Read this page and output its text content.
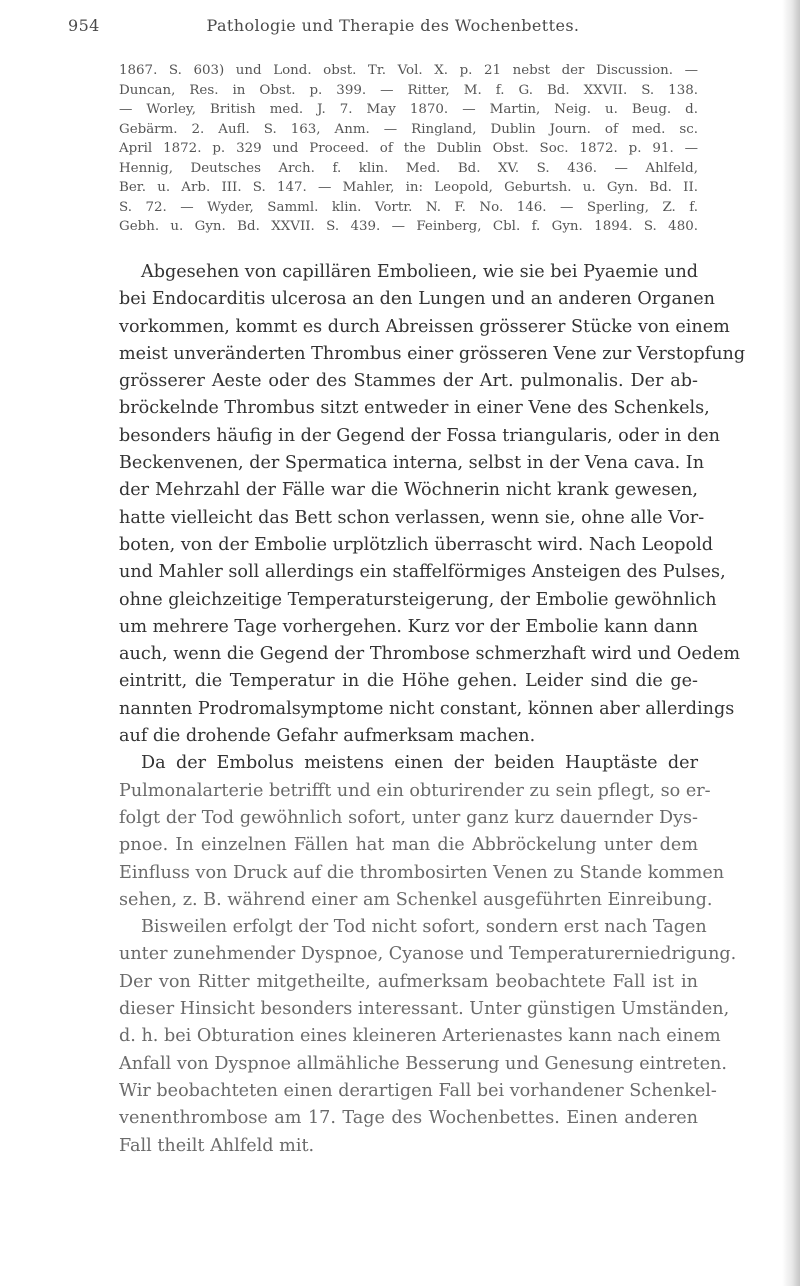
954	Pathologie und Therapie des Wochenbettes.
1867. S. 603) und Lond. obst. Tr. Vol. X. p. 21 nebst der Discussion. —
Duncan, Res. in Obst. p. 399. — Ritter, M. f. G. Bd. XXVII. S. 138.
— Worley, British med. J. 7. May 1870. — Martin, Neig. u. Beug. d.
Gebärm. 2. Aufl. S. 163, Anm. — Ringland, Dublin Journ. of med. sc.
April 1872. p. 329 und Proceed. of the Dublin Obst. Soc. 1872. p. 91. —
Hennig, Deutsches Arch. f. klin. Med. Bd. XV. S. 436. — Ahlfeld,
Ber. u. Arb. III. S. 147. — Mahler, in: Leopold, Geburtsh. u. Gyn. Bd. II.
S. 72. — Wyder, Samml. klin. Vortr. N. F. No. 146. — Sperling, Z. f.
Gebh. u. Gyn. Bd. XXVII. S. 439. — Feinberg, Cbl. f. Gyn. 1894. S. 480.
Abgesehen von capillären Embolieen, wie sie bei Pyaemie und
bei Endocarditis ulcerosa an den Lungen und an anderen Organen
vorkommen, kommt es durch Abreissen grösserer Stücke von einem
meist unveränderten Thrombus einer grösseren Vene zur Verstopfung
grösserer Aeste oder des Stammes der Art. pulmonalis. Der ab-
bröckelnde Thrombus sitzt entweder in einer Vene des Schenkels,
besonders häufig in der Gegend der Fossa triangularis, oder in den
Beckenvenen, der Spermatica interna, selbst in der Vena cava. In
der Mehrzahl der Fälle war die Wöchnerin nicht krank gewesen,
hatte vielleicht das Bett schon verlassen, wenn sie, ohne alle Vor-
boten, von der Embolie urplötzlich überrascht wird. Nach Leopold
und Mahler soll allerdings ein staffelförmiges Ansteigen des Pulses,
ohne gleichzeitige Temperatursteigerung, der Embolie gewöhnlich
um mehrere Tage vorhergehen. Kurz vor der Embolie kann dann
auch, wenn die Gegend der Thrombose schmerzhaft wird und Oedem
eintritt, die Temperatur in die Höhe gehen. Leider sind die ge-
nannten Prodromalsymptome nicht constant, können aber allerdings
auf die drohende Gefahr aufmerksam machen.
Da der Embolus meistens einen der beiden Hauptäste der
Pulmonalarterie betrifft und ein obturirender zu sein pflegt, so er-
folgt der Tod gewöhnlich sofort, unter ganz kurz dauernder Dys-
pnoe. In einzelnen Fällen hat man die Abbröckelung unter dem
Einfluss von Druck auf die thrombosirten Venen zu Stande kommen
sehen, z. B. während einer am Schenkel ausgeführten Einreibung.
Bisweilen erfolgt der Tod nicht sofort, sondern erst nach Tagen
unter zunehmender Dyspnoe, Cyanose und Temperaturerniedrigung.
Der von Ritter mitgetheilte, aufmerksam beobachtete Fall ist in
dieser Hinsicht besonders interessant. Unter günstigen Umständen,
d. h. bei Obturation eines kleineren Arterienastes kann nach einem
Anfall von Dyspnoe allmähliche Besserung und Genesung eintreten.
Wir beobachteten einen derartigen Fall bei vorhandener Schenkel-
venenthrombose am 17. Tage des Wochenbettes. Einen anderen
Fall theilt Ahlfeld mit.
